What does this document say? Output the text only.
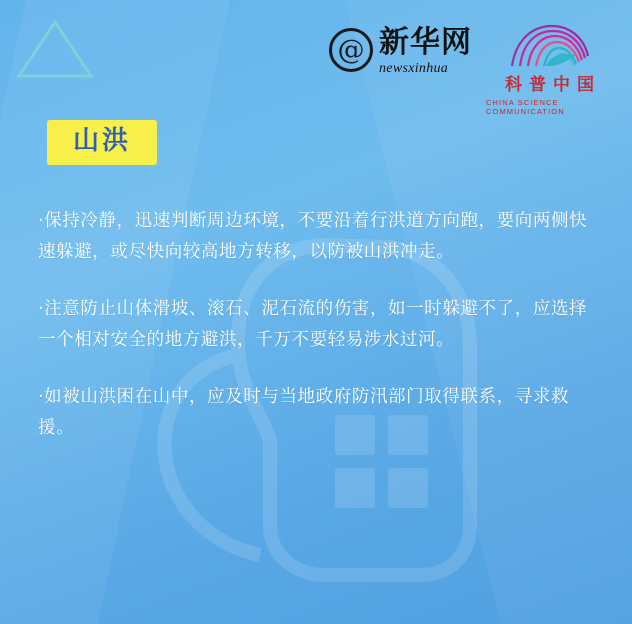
@ 新华网
newsxinhua
科普中国
CHINA SCIENCE COMMUNICATION
山洪

·保持冷静，迅速判断周边环境，不要沿着行洪道方向跑，要向两侧快速躲避，或尽快向较高地方转移，以防被山洪冲走。

·注意防止山体滑坡、滚石、泥石流的伤害，如一时躲避不了，应选择一个相对安全的地方避洪，千万不要轻易涉水过河。

·如被山洪困在山中，应及时与当地政府防汛部门取得联系，寻求救援。
